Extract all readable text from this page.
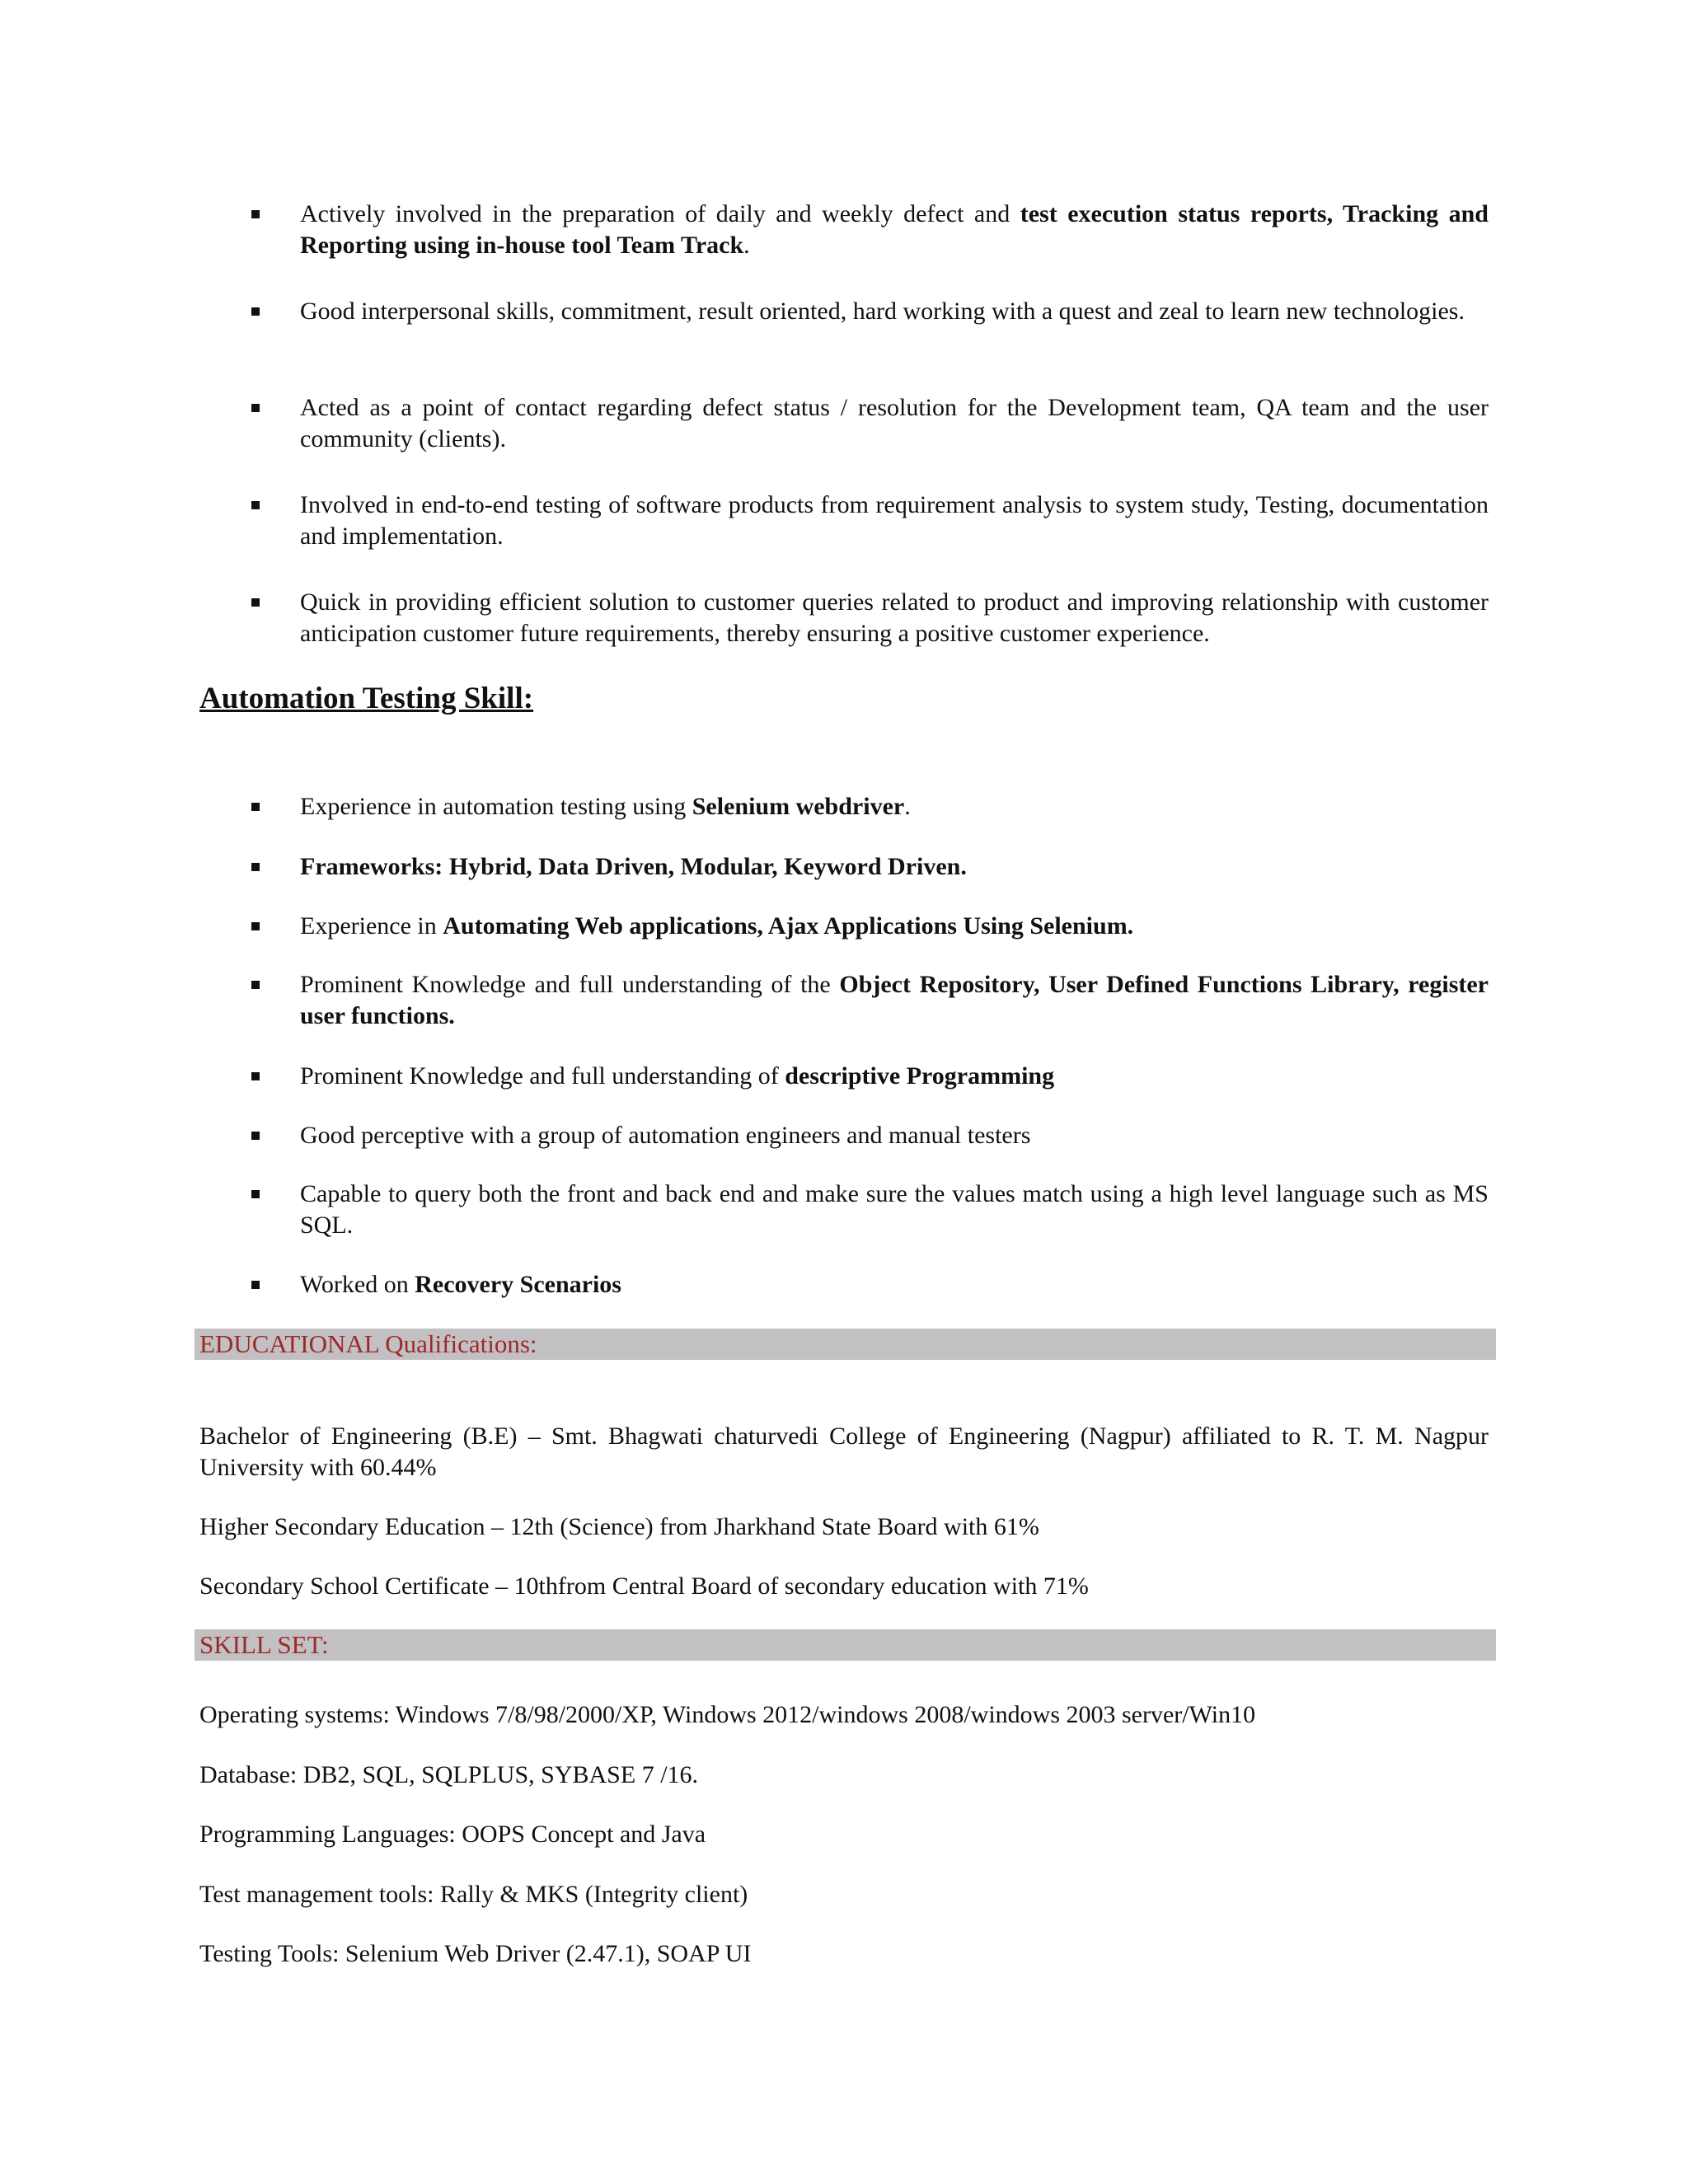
Actively involved in the preparation of daily and weekly defect and test execution status reports, Tracking and Reporting using in-house tool Team Track.
Good interpersonal skills, commitment, result oriented, hard working with a quest and zeal to learn new technologies.
Acted as a point of contact regarding defect status / resolution for the Development team, QA team and the user community (clients).
Involved in end-to-end testing of software products from requirement analysis to system study, Testing, documentation and implementation.
Quick in providing efficient solution to customer queries related to product and improving relationship with customer anticipation customer future requirements, thereby ensuring a positive customer experience.
Automation Testing Skill:
Experience in automation testing using Selenium webdriver.
Frameworks: Hybrid, Data Driven, Modular, Keyword Driven.
Experience in Automating Web applications, Ajax Applications Using Selenium.
Prominent Knowledge and full understanding of the Object Repository, User Defined Functions Library, register user functions.
Prominent Knowledge and full understanding of descriptive Programming
Good perceptive with a group of automation engineers and manual testers
Capable to query both the front and back end and make sure the values match using a high level language such as MS SQL.
Worked on Recovery Scenarios
EDUCATIONAL Qualifications:
Bachelor of Engineering (B.E) – Smt. Bhagwati chaturvedi College of Engineering (Nagpur) affiliated to R. T. M. Nagpur University with 60.44%
Higher Secondary Education – 12th (Science) from Jharkhand State Board with 61%
Secondary School Certificate – 10thfrom Central Board of secondary education with 71%
SKILL SET:
Operating systems: Windows 7/8/98/2000/XP, Windows 2012/windows 2008/windows 2003 server/Win10
Database: DB2, SQL, SQLPLUS, SYBASE 7 /16.
Programming Languages: OOPS Concept and Java
Test management tools: Rally & MKS (Integrity client)
Testing Tools: Selenium Web Driver (2.47.1), SOAP UI
